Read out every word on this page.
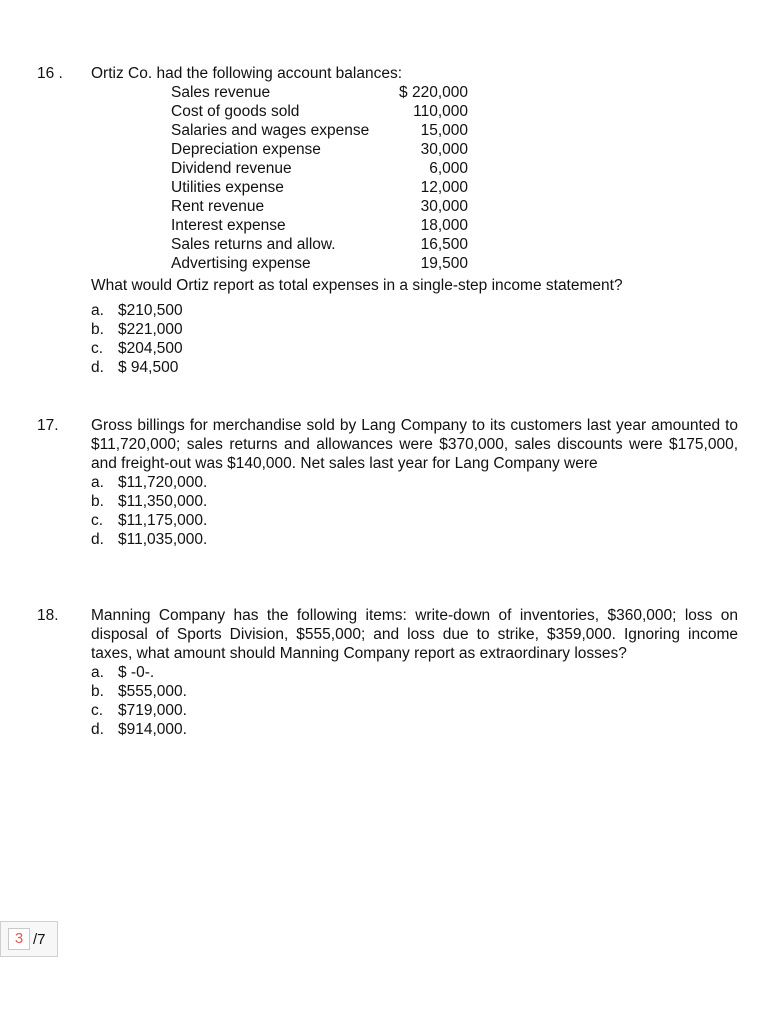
16 . Ortiz Co. had the following account balances:
Sales revenue	$ 220,000
Cost of goods sold	110,000
Salaries and wages expense	15,000
Depreciation expense	30,000
Dividend revenue	6,000
Utilities expense	12,000
Rent revenue	30,000
Interest expense	18,000
Sales returns and allow.	16,500
Advertising expense	19,500
What would Ortiz report as total expenses in a single-step income statement?
a. $210,500
b. $221,000
c. $204,500
d. $ 94,500
17. Gross billings for merchandise sold by Lang Company to its customers last year amounted to $11,720,000; sales returns and allowances were $370,000, sales discounts were $175,000, and freight-out was $140,000. Net sales last year for Lang Company were
a. $11,720,000.
b. $11,350,000.
c. $11,175,000.
d. $11,035,000.
18. Manning Company has the following items: write-down of inventories, $360,000; loss on disposal of Sports Division, $555,000; and loss due to strike, $359,000. Ignoring income taxes, what amount should Manning Company report as extraordinary losses?
a. $ -0-.
b. $555,000.
c. $719,000.
d. $914,000.
3 /7
